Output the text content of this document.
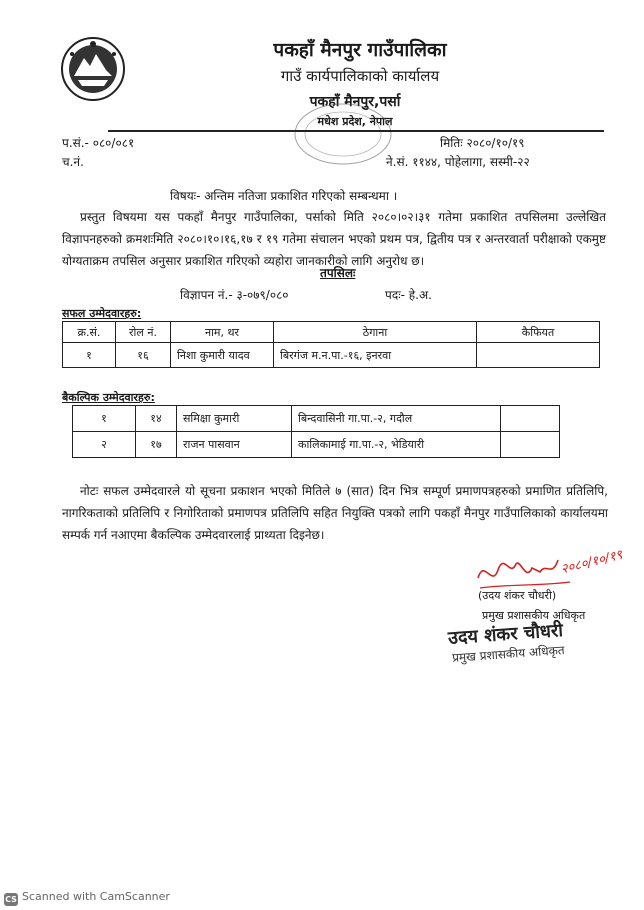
पकहाँ मैनपुर गाउँपालिका
गाउँ कार्यपालिकाको कार्यालय
पकहाँ मैनपुर,पर्सा
मधेश प्रदेश, नेपाल
प.सं.- ०८०/०८१	मितिः २०८०/१०/१९
च.नं.	ने.सं. ११४४, पोहेलागा, सस्मी-२२
विषयः- अन्तिम नतिजा प्रकाशित गरिएको सम्बन्धमा ।

प्रस्तुत विषयमा यस पकहाँ मैनपुर गाउँपालिका, पर्साको मिति २०८०।०२।३१ गतेमा प्रकाशित तपसिलमा उल्लेखित विज्ञापनहरुको क्रमशःमिति २०८०।१०।१६,१७ र १९ गतेमा संचालन भएको प्रथम पत्र, द्वितीय पत्र र अन्तरवार्ता परीक्षाको एकमुष्ट योग्यताक्रम तपसिल अनुसार प्रकाशित गरिएको व्यहोरा जानकारीको लागि अनुरोध छ।

तपसिलः
विज्ञापन नं.- ३-०७९/०८०	पदः- हे.अ.
सफल उम्मेदवारहरु:
क्र.सं.	रोल नं.	नाम, थर	ठेगाना	कैफियत
१	१६	निशा कुमारी यादव	बिरगंज म.न.पा.-१६, इनरवा	
बैकल्पिक उम्मेदवारहरु:
१	१४	समिक्षा कुमारी	बिन्दवासिनी गा.पा.-२, गदौल	
२	१७	राजन पासवान	कालिकामाई गा.पा.-२, भेडियारी	

नोटः सफल उम्मेदवारले यो सूचना प्रकाशन भएको मितिले ७ (सात) दिन भित्र सम्पूर्ण प्रमाणपत्रहरुको प्रमाणित प्रतिलिपि, नागरिकताको प्रतिलिपि र निगोरिताको प्रमाणपत्र प्रतिलिपि सहित नियुक्ति पत्रको लागि पकहाँ मैनपुर गाउँपालिकाको कार्यालयमा सम्पर्क गर्न नआएमा बैकल्पिक उम्मेदवारलाई प्राथ्यता दिइनेछ।

२०८०/१०/१९
(उदय शंकर चौधरी)
प्रमुख प्रशासकीय अधिकृत
उदय शंकर चौधरी
प्रमुख प्रशासकीय अधिकृत
CS Scanned with CamScanner
